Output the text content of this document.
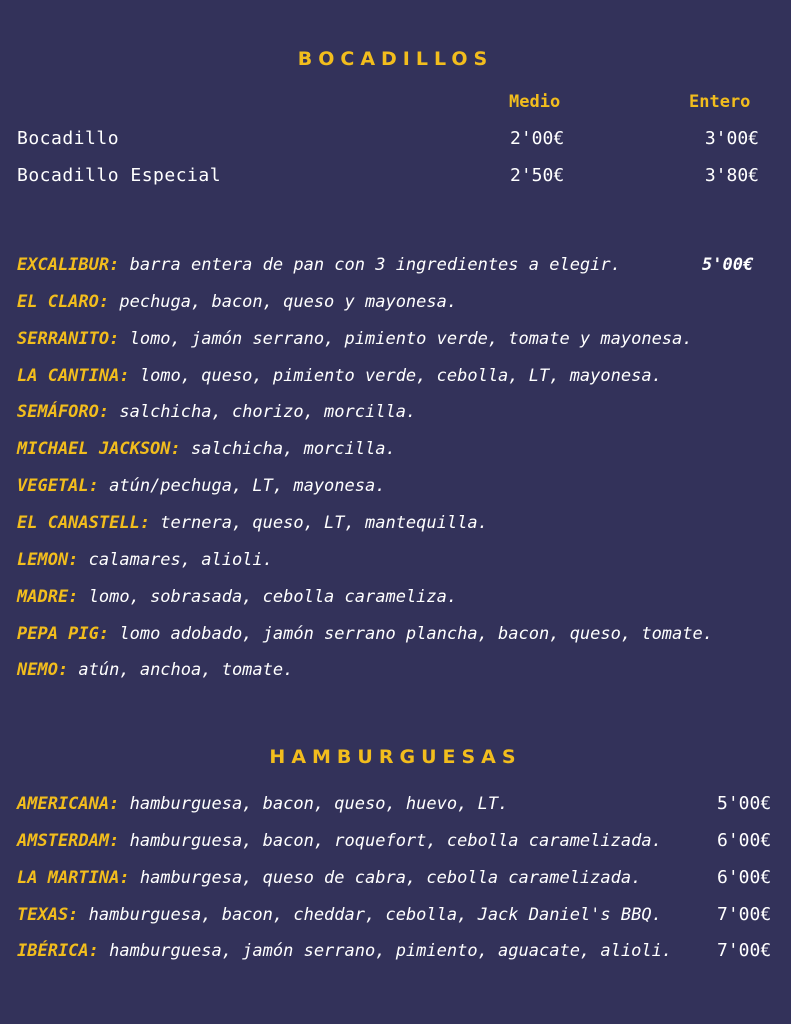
BOCADILLOS
Medio	Entero
Bocadillo	2'00€	3'00€
Bocadillo Especial	2'50€	3'80€
EXCALIBUR: barra entera de pan con 3 ingredientes a elegir.	5'00€
EL CLARO: pechuga, bacon, queso y mayonesa.
SERRANITO: lomo, jamón serrano, pimiento verde, tomate y mayonesa.
LA CANTINA: lomo, queso, pimiento verde, cebolla, LT, mayonesa.
SEMÁFORO: salchicha, chorizo, morcilla.
MICHAEL JACKSON: salchicha, morcilla.
VEGETAL: atún/pechuga, LT, mayonesa.
EL CANASTELL: ternera, queso, LT, mantequilla.
LEMON: calamares, alioli.
MADRE: lomo, sobrasada, cebolla carameliza.
PEPA PIG: lomo adobado, jamón serrano plancha, bacon, queso, tomate.
NEMO: atún, anchoa, tomate.
HAMBURGUESAS
AMERICANA: hamburguesa, bacon, queso, huevo, LT.	5'00€
AMSTERDAM: hamburguesa, bacon, roquefort, cebolla caramelizada.	6'00€
LA MARTINA: hamburgesa, queso de cabra, cebolla caramelizada.	6'00€
TEXAS: hamburguesa, bacon, cheddar, cebolla, Jack Daniel's BBQ.	7'00€
IBÉRICA: hamburguesa, jamón serrano, pimiento, aguacate, alioli. 7'00€
